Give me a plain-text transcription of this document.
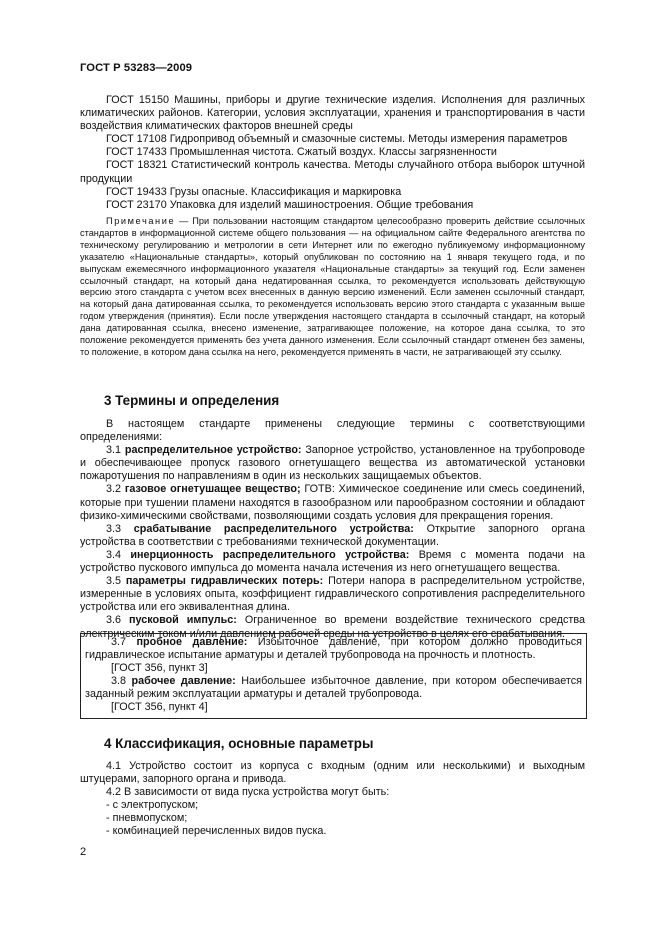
ГОСТ Р 53283—2009

ГОСТ 15150 Машины, приборы и другие технические изделия. Исполнения для различных климатических районов. Категории, условия эксплуатации, хранения и транспортирования в части воздействия климатических факторов внешней среды

ГОСТ 17108 Гидропривод объемный и смазочные системы. Методы измерения параметров

ГОСТ 17433 Промышленная чистота. Сжатый воздух. Классы загрязненности

ГОСТ 18321 Статистический контроль качества. Методы случайного отбора выборок штучной продукции

ГОСТ 19433 Грузы опасные. Классификация и маркировка

ГОСТ 23170 Упаковка для изделий машиностроения. Общие требования

Примечание — При пользовании настоящим стандартом целесообразно проверить действие ссылочных стандартов в информационной системе общего пользования — на официальном сайте Федерального агентства по техническому регулированию и метрологии в сети Интернет или по ежегодно публикуемому информационному указателю «Национальные стандарты», который опубликован по состоянию на 1 января текущего года, и по выпускам ежемесячного информационного указателя «Национальные стандарты» за текущий год. Если заменен ссылочный стандарт, на который дана недатированная ссылка, то рекомендуется использовать действующую версию этого стандарта с учетом всех внесенных в данную версию изменений. Если заменен ссылочный стандарт, на который дана датированная ссылка, то рекомендуется использовать версию этого стандарта с указанным выше годом утверждения (принятия). Если после утверждения настоящего стандарта в ссылочный стандарт, на который дана датированная ссылка, внесено изменение, затрагивающее положение, на которое дана ссылка, то это положение рекомендуется применять без учета данного изменения. Если ссылочный стандарт отменен без замены, то положение, в котором дана ссылка на него, рекомендуется применять в части, не затрагивающей эту ссылку.

3 Термины и определения

В настоящем стандарте применены следующие термины с соответствующими определениями:

3.1 распределительное устройство: Запорное устройство, установленное на трубопроводе и обеспечивающее пропуск газового огнетушащего вещества из автоматической установки пожаротушения по направлениям в один из нескольких защищаемых объектов.

3.2 газовое огнетушащее вещество; ГОТВ: Химическое соединение или смесь соединений, которые при тушении пламени находятся в газообразном или парообразном состоянии и обладают физико-химическими свойствами, позволяющими создать условия для прекращения горения.

3.3 срабатывание распределительного устройства: Открытие запорного органа устройства в соответствии с требованиями технической документации.

3.4 инерционность распределительного устройства: Время с момента подачи на устройство пускового импульса до момента начала истечения из него огнетушащего вещества.

3.5 параметры гидравлических потерь: Потери напора в распределительном устройстве, измеренные в условиях опыта, коэффициент гидравлического сопротивления распределительного устройства или его эквивалентная длина.

3.6 пусковой импульс: Ограниченное во времени воздействие технического средства электрическим током и/или давлением рабочей среды на устройство в целях его срабатывания.

3.7 пробное давление: Избыточное давление, при котором должно проводиться гидравлическое испытание арматуры и деталей трубопровода на прочность и плотность.

[ГОСТ 356, пункт 3]

3.8 рабочее давление: Наибольшее избыточное давление, при котором обеспечивается заданный режим эксплуатации арматуры и деталей трубопровода.

[ГОСТ 356, пункт 4]

4 Классификация, основные параметры

4.1 Устройство состоит из корпуса с входным (одним или несколькими) и выходным штуцерами, запорного органа и привода.

4.2 В зависимости от вида пуска устройства могут быть:

- с электропуском;

- пневмопуском;

- комбинацией перечисленных видов пуска.

2
